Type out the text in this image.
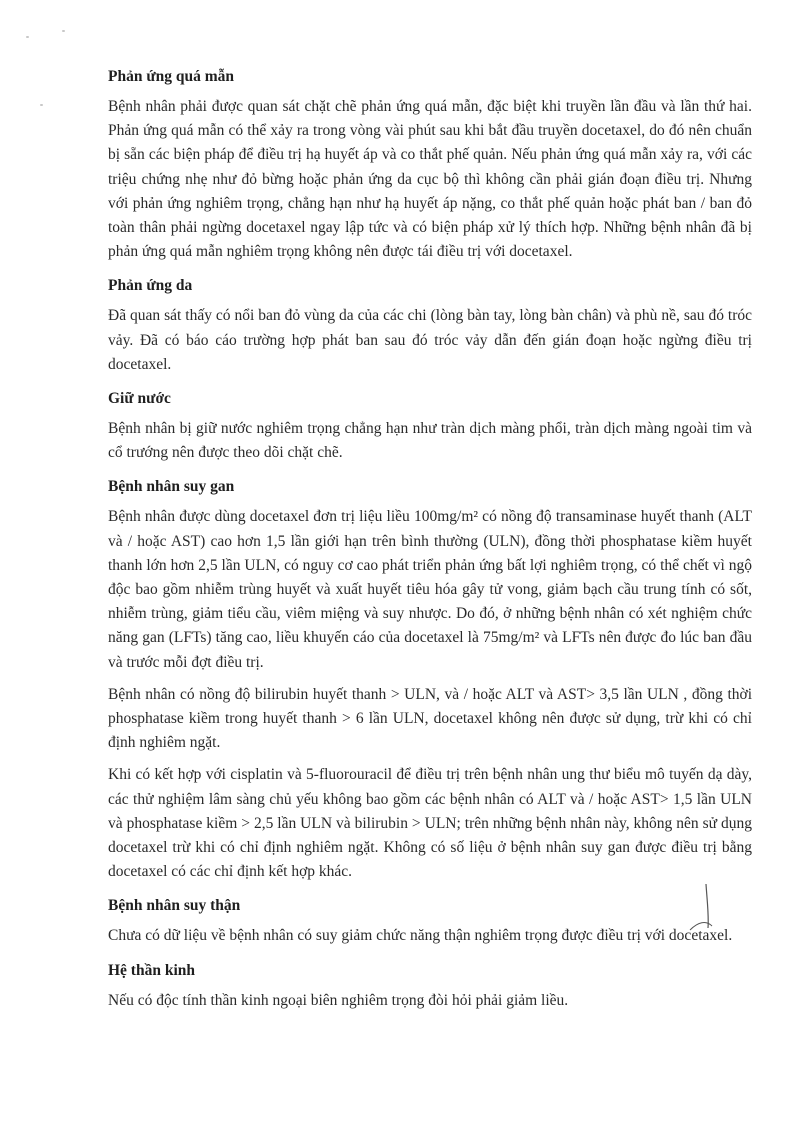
Phản ứng quá mẫn

Bệnh nhân phải được quan sát chặt chẽ phản ứng quá mẫn, đặc biệt khi truyền lần đầu và lần thứ hai. Phản ứng quá mẫn có thể xảy ra trong vòng vài phút sau khi bắt đầu truyền docetaxel, do đó nên chuẩn bị sẵn các biện pháp để điều trị hạ huyết áp và co thắt phế quản. Nếu phản ứng quá mẫn xảy ra, với các triệu chứng nhẹ như đỏ bừng hoặc phản ứng da cục bộ thì không cần phải gián đoạn điều trị. Nhưng với phản ứng nghiêm trọng, chẳng hạn như hạ huyết áp nặng, co thắt phế quản hoặc phát ban / ban đỏ toàn thân phải ngừng docetaxel ngay lập tức và có biện pháp xử lý thích hợp. Những bệnh nhân đã bị phản ứng quá mẫn nghiêm trọng không nên được tái điều trị với docetaxel.

Phản ứng da

Đã quan sát thấy có nổi ban đỏ vùng da của các chi (lòng bàn tay, lòng bàn chân) và phù nề, sau đó tróc vảy. Đã có báo cáo trường hợp phát ban sau đó tróc vảy dẫn đến gián đoạn hoặc ngừng điều trị docetaxel.

Giữ nước

Bệnh nhân bị giữ nước nghiêm trọng chẳng hạn như tràn dịch màng phổi, tràn dịch màng ngoài tim và cổ trướng nên được theo dõi chặt chẽ.

Bệnh nhân suy gan

Bệnh nhân được dùng docetaxel đơn trị liệu liều 100mg/m² có nồng độ transaminase huyết thanh (ALT và / hoặc AST) cao hơn 1,5 lần giới hạn trên bình thường (ULN), đồng thời phosphatase kiềm huyết thanh lớn hơn 2,5 lần ULN, có nguy cơ cao phát triển phản ứng bất lợi nghiêm trọng, có thể chết vì ngộ độc bao gồm nhiễm trùng huyết và xuất huyết tiêu hóa gây tử vong, giảm bạch cầu trung tính có sốt, nhiễm trùng, giảm tiểu cầu, viêm miệng và suy nhược. Do đó, ở những bệnh nhân có xét nghiệm chức năng gan (LFTs) tăng cao, liều khuyến cáo của docetaxel là 75mg/m² và LFTs nên được đo lúc ban đầu và trước mỗi đợt điều trị.

Bệnh nhân có nồng độ bilirubin huyết thanh > ULN, và / hoặc ALT và AST> 3,5 lần ULN , đồng thời phosphatase kiềm trong huyết thanh > 6 lần ULN, docetaxel không nên được sử dụng, trừ khi có chỉ định nghiêm ngặt.

Khi có kết hợp với cisplatin và 5-fluorouracil để điều trị trên bệnh nhân ung thư biểu mô tuyến dạ dày, các thử nghiệm lâm sàng chủ yếu không bao gồm các bệnh nhân có ALT và / hoặc AST> 1,5 lần ULN và phosphatase kiềm > 2,5 lần ULN và bilirubin > ULN; trên những bệnh nhân này, không nên sử dụng docetaxel trừ khi có chỉ định nghiêm ngặt. Không có số liệu ở bệnh nhân suy gan được điều trị bằng docetaxel có các chỉ định kết hợp khác.

Bệnh nhân suy thận

Chưa có dữ liệu về bệnh nhân có suy giảm chức năng thận nghiêm trọng được điều trị với docetaxel.

Hệ thần kinh

Nếu có độc tính thần kinh ngoại biên nghiêm trọng đòi hỏi phải giảm liều.
